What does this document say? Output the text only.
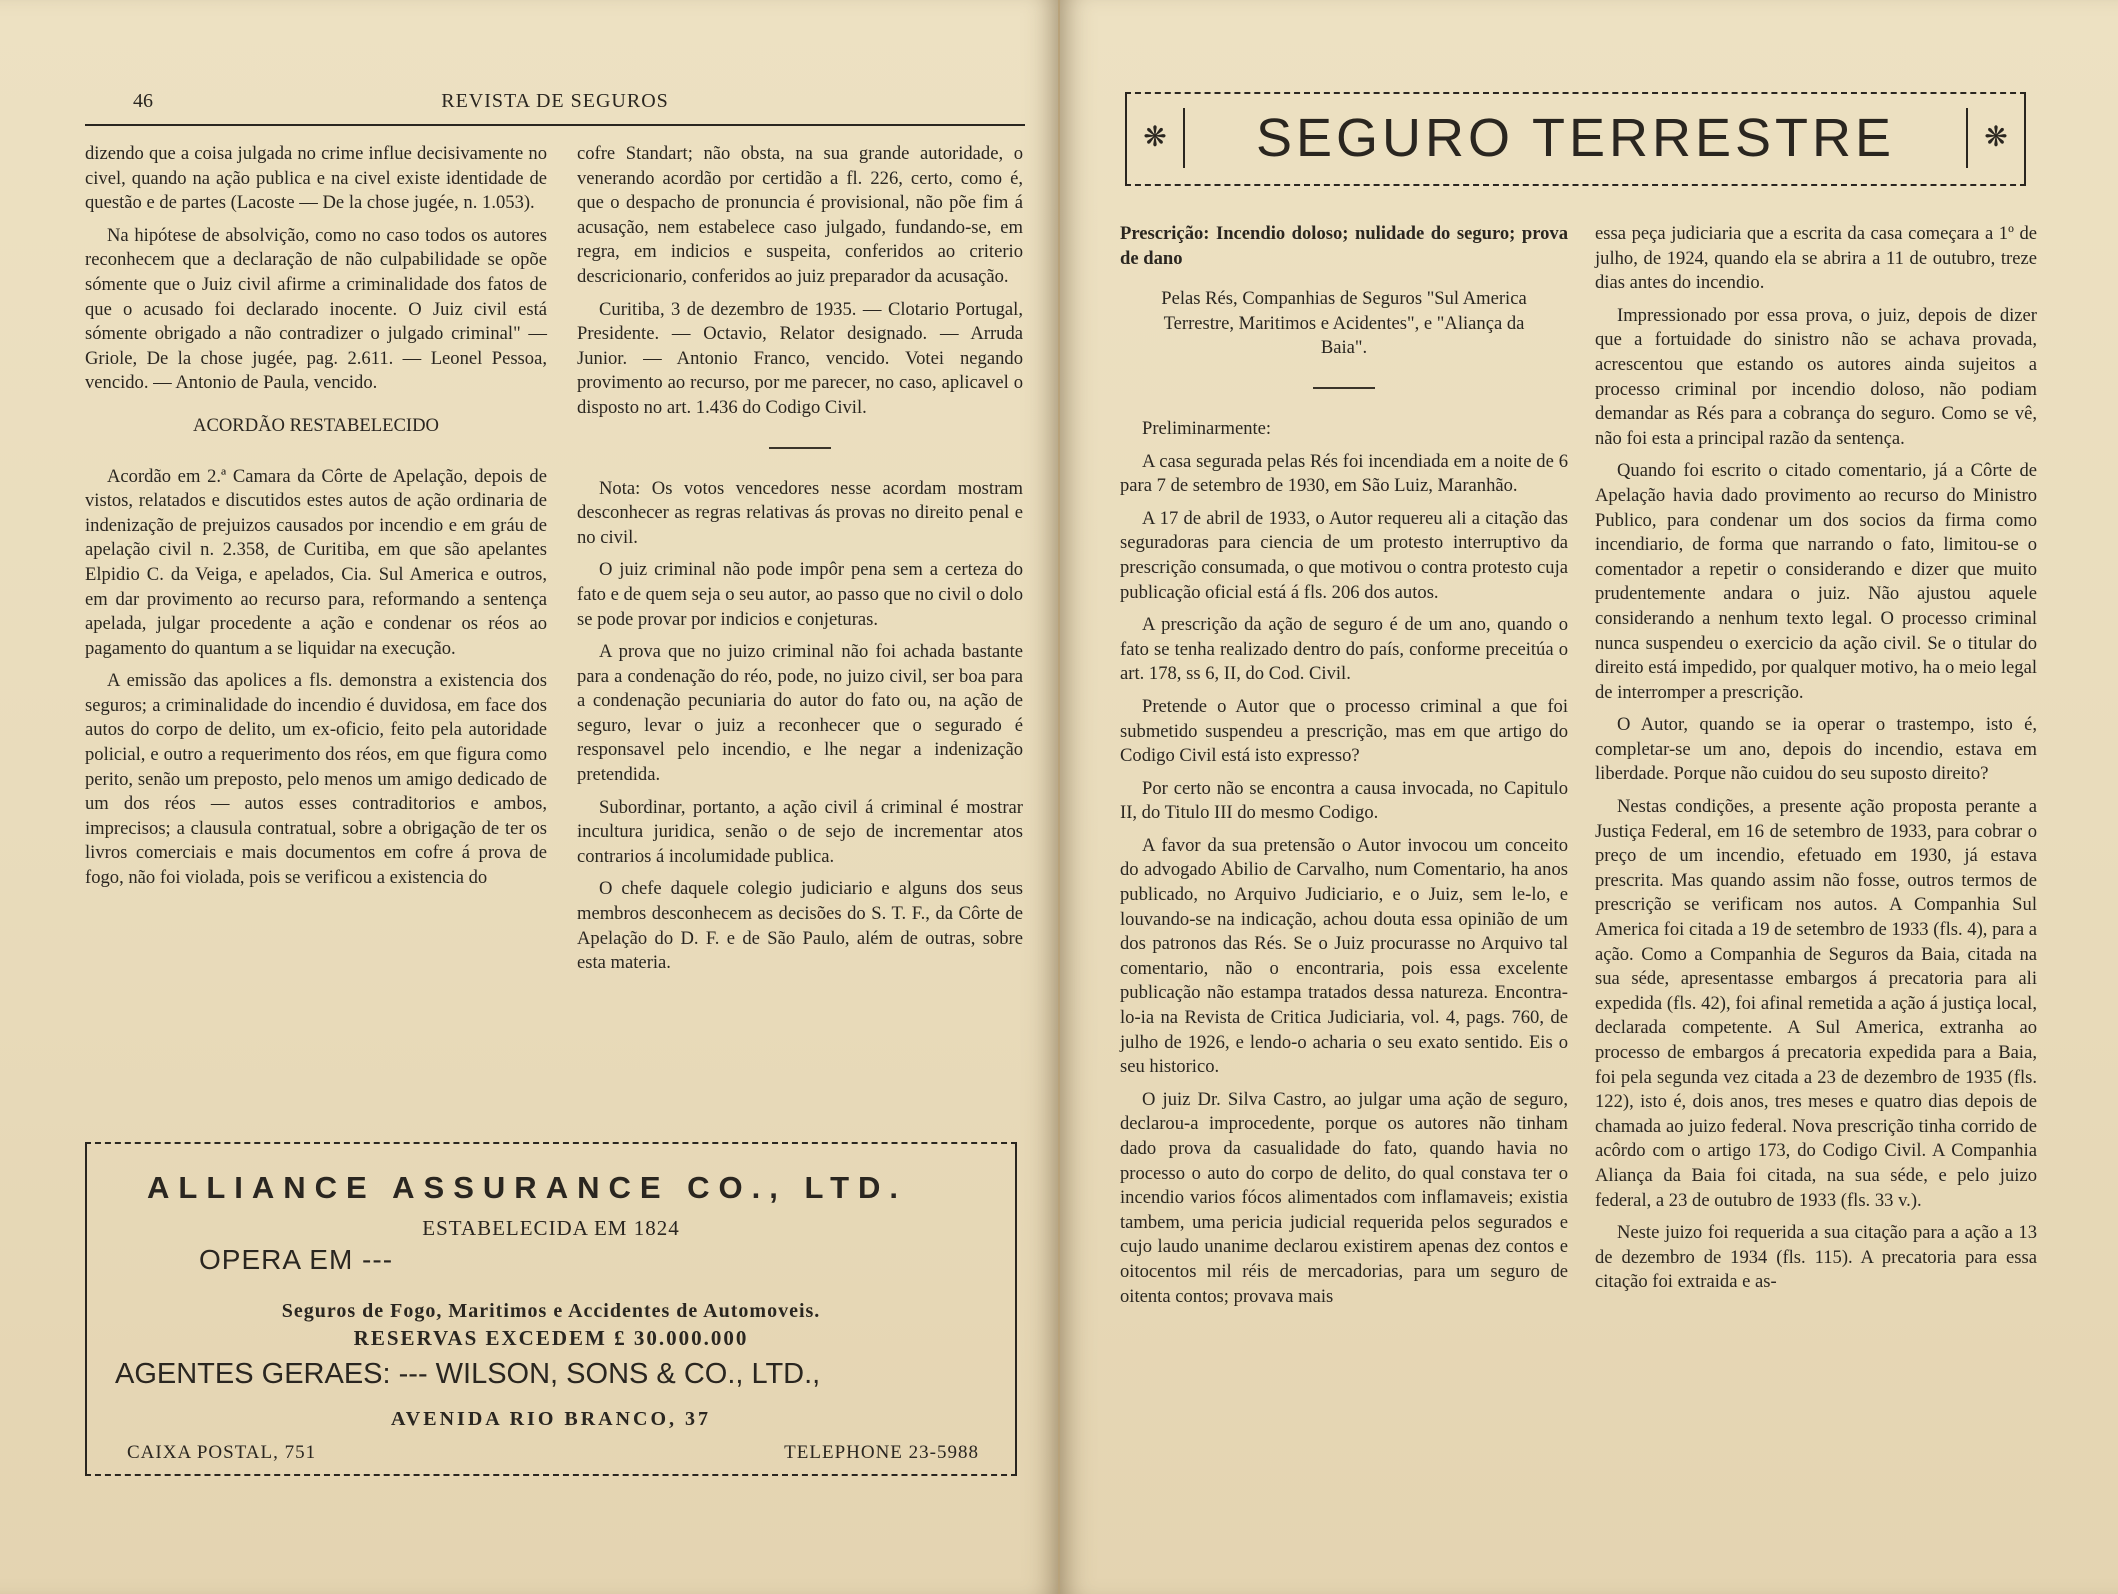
46	REVISTA DE SEGUROS

dizendo que a coisa julgada no crime influe decisivamente no civel, quando na ação publica e na civel existe identidade de questão e de partes (Lacoste — De la chose jugée, n. 1.053).

Na hipótese de absolvição, como no caso todos os autores reconhecem que a declaração de não culpabilidade se opõe sómente que o Juiz civil afirme a criminalidade dos fatos de que o acusado foi declarado inocente. O Juiz civil está sómente obrigado a não contradizer o julgado criminal" — Griole, De la chose jugée, pag. 2.611. — Leonel Pessoa, vencido. — Antonio de Paula, vencido.

ACORDÃO RESTABELECIDO

Acordão em 2.ª Camara da Côrte de Apelação, depois de vistos, relatados e discutidos estes autos de ação ordinaria de indenização de prejuizos causados por incendio e em gráu de apelação civil n. 2.358, de Curitiba, em que são apelantes Elpidio C. da Veiga, e apelados, Cia. Sul America e outros, em dar provimento ao recurso para, reformando a sentença apelada, julgar procedente a ação e condenar os réos ao pagamento do quantum a se liquidar na execução.

A emissão das apolices a fls. demonstra a existencia dos seguros; a criminalidade do incendio é duvidosa, em face dos autos do corpo de delito, um ex-oficio, feito pela autoridade policial, e outro a requerimento dos réos, em que figura como perito, senão um preposto, pelo menos um amigo dedicado de um dos réos — autos esses contraditorios e ambos, imprecisos; a clausula contratual, sobre a obrigação de ter os livros comerciais e mais documentos em cofre á prova de fogo, não foi violada, pois se verificou a existencia do

cofre Standart; não obsta, na sua grande autoridade, o venerando acordão por certidão a fl. 226, certo, como é, que o despacho de pronuncia é provisional, não põe fim á acusação, nem estabelece caso julgado, fundando-se, em regra, em indicios e suspeita, conferidos ao criterio descricionario, conferidos ao juiz preparador da acusação.

Curitiba, 3 de dezembro de 1935. — Clotario Portugal, Presidente. — Octavio, Relator designado. — Arruda Junior. — Antonio Franco, vencido. Votei negando provimento ao recurso, por me parecer, no caso, aplicavel o disposto no art. 1.436 do Codigo Civil.

Nota: Os votos vencedores nesse acordam mostram desconhecer as regras relativas ás provas no direito penal e no civil.

O juiz criminal não pode impôr pena sem a certeza do fato e de quem seja o seu autor, ao passo que no civil o dolo se pode provar por indicios e conjeturas.

A prova que no juizo criminal não foi achada bastante para a condenação do réo, pode, no juizo civil, ser boa para a condenação pecuniaria do autor do fato ou, na ação de seguro, levar o juiz a reconhecer que o segurado é responsavel pelo incendio, e lhe negar a indenização pretendida.

Subordinar, portanto, a ação civil á criminal é mostrar incultura juridica, senão o de sejo de incrementar atos contrarios á incolumidade publica.

O chefe daquele colegio judiciario e alguns dos seus membros desconhecem as decisões do S. T. F., da Côrte de Apelação do D. F. e de São Paulo, além de outras, sobre esta materia.

ALLIANCE ASSURANCE CO., LTD.
ESTABELECIDA EM 1824
OPERA EM ---
Seguros de Fogo, Maritimos e Accidentes de Automoveis.
RESERVAS EXCEDEM £ 30.000.000
AGENTES GERAES: --- WILSON, SONS & CO., LTD.,
AVENIDA RIO BRANCO, 37
CAIXA POSTAL, 751	TELEPHONE 23-5988
❋	SEGURO TERRESTRE	❋

Prescrição: Incendio doloso; nulidade do seguro; prova de dano

Pelas Rés, Companhias de Seguros "Sul America Terrestre, Maritimos e Acidentes", e "Aliança da Baia".

Preliminarmente:

A casa segurada pelas Rés foi incendiada em a noite de 6 para 7 de setembro de 1930, em São Luiz, Maranhão.

A 17 de abril de 1933, o Autor requereu ali a citação das seguradoras para ciencia de um protesto interruptivo da prescrição consumada, o que motivou o contra protesto cuja publicação oficial está á fls. 206 dos autos.

A prescrição da ação de seguro é de um ano, quando o fato se tenha realizado dentro do país, conforme preceitúa o art. 178, ss 6, II, do Cod. Civil.

Pretende o Autor que o processo criminal a que foi submetido suspendeu a prescrição, mas em que artigo do Codigo Civil está isto expresso?

Por certo não se encontra a causa invocada, no Capitulo II, do Titulo III do mesmo Codigo.

A favor da sua pretensão o Autor invocou um conceito do advogado Abilio de Carvalho, num Comentario, ha anos publicado, no Arquivo Judiciario, e o Juiz, sem le-lo, e louvando-se na indicação, achou douta essa opinião de um dos patronos das Rés. Se o Juiz procurasse no Arquivo tal comentario, não o encontraria, pois essa excelente publicação não estampa tratados dessa natureza. Encontra-lo-ia na Revista de Critica Judiciaria, vol. 4, pags. 760, de julho de 1926, e lendo-o acharia o seu exato sentido. Eis o seu historico.

O juiz Dr. Silva Castro, ao julgar uma ação de seguro, declarou-a improcedente, porque os autores não tinham dado prova da casualidade do fato, quando havia no processo o auto do corpo de delito, do qual constava ter o incendio varios fócos alimentados com inflamaveis; existia tambem, uma pericia judicial requerida pelos segurados e cujo laudo unanime declarou existirem apenas dez contos e oitocentos mil réis de mercadorias, para um seguro de oitenta contos; provava mais

essa peça judiciaria que a escrita da casa começara a 1º de julho, de 1924, quando ela se abrira a 11 de outubro, treze dias antes do incendio.

Impressionado por essa prova, o juiz, depois de dizer que a fortuidade do sinistro não se achava provada, acrescentou que estando os autores ainda sujeitos a processo criminal por incendio doloso, não podiam demandar as Rés para a cobrança do seguro. Como se vê, não foi esta a principal razão da sentença.

Quando foi escrito o citado comentario, já a Côrte de Apelação havia dado provimento ao recurso do Ministro Publico, para condenar um dos socios da firma como incendiario, de forma que narrando o fato, limitou-se o comentador a repetir o considerando e dizer que muito prudentemente andara o juiz. Não ajustou aquele considerando a nenhum texto legal. O processo criminal nunca suspendeu o exercicio da ação civil. Se o titular do direito está impedido, por qualquer motivo, ha o meio legal de interromper a prescrição.

O Autor, quando se ia operar o trastempo, isto é, completar-se um ano, depois do incendio, estava em liberdade. Porque não cuidou do seu suposto direito?

Nestas condições, a presente ação proposta perante a Justiça Federal, em 16 de setembro de 1933, para cobrar o preço de um incendio, efetuado em 1930, já estava prescrita. Mas quando assim não fosse, outros termos de prescrição se verificam nos autos. A Companhia Sul America foi citada a 19 de setembro de 1933 (fls. 4), para a ação. Como a Companhia de Seguros da Baia, citada na sua séde, apresentasse embargos á precatoria para ali expedida (fls. 42), foi afinal remetida a ação á justiça local, declarada competente. A Sul America, extranha ao processo de embargos á precatoria expedida para a Baia, foi pela segunda vez citada a 23 de dezembro de 1935 (fls. 122), isto é, dois anos, tres meses e quatro dias depois de chamada ao juizo federal. Nova prescrição tinha corrido de acôrdo com o artigo 173, do Codigo Civil. A Companhia Aliança da Baia foi citada, na sua séde, e pelo juizo federal, a 23 de outubro de 1933 (fls. 33 v.).

Neste juizo foi requerida a sua citação para a ação a 13 de dezembro de 1934 (fls. 115). A precatoria para essa citação foi extraida e as-
